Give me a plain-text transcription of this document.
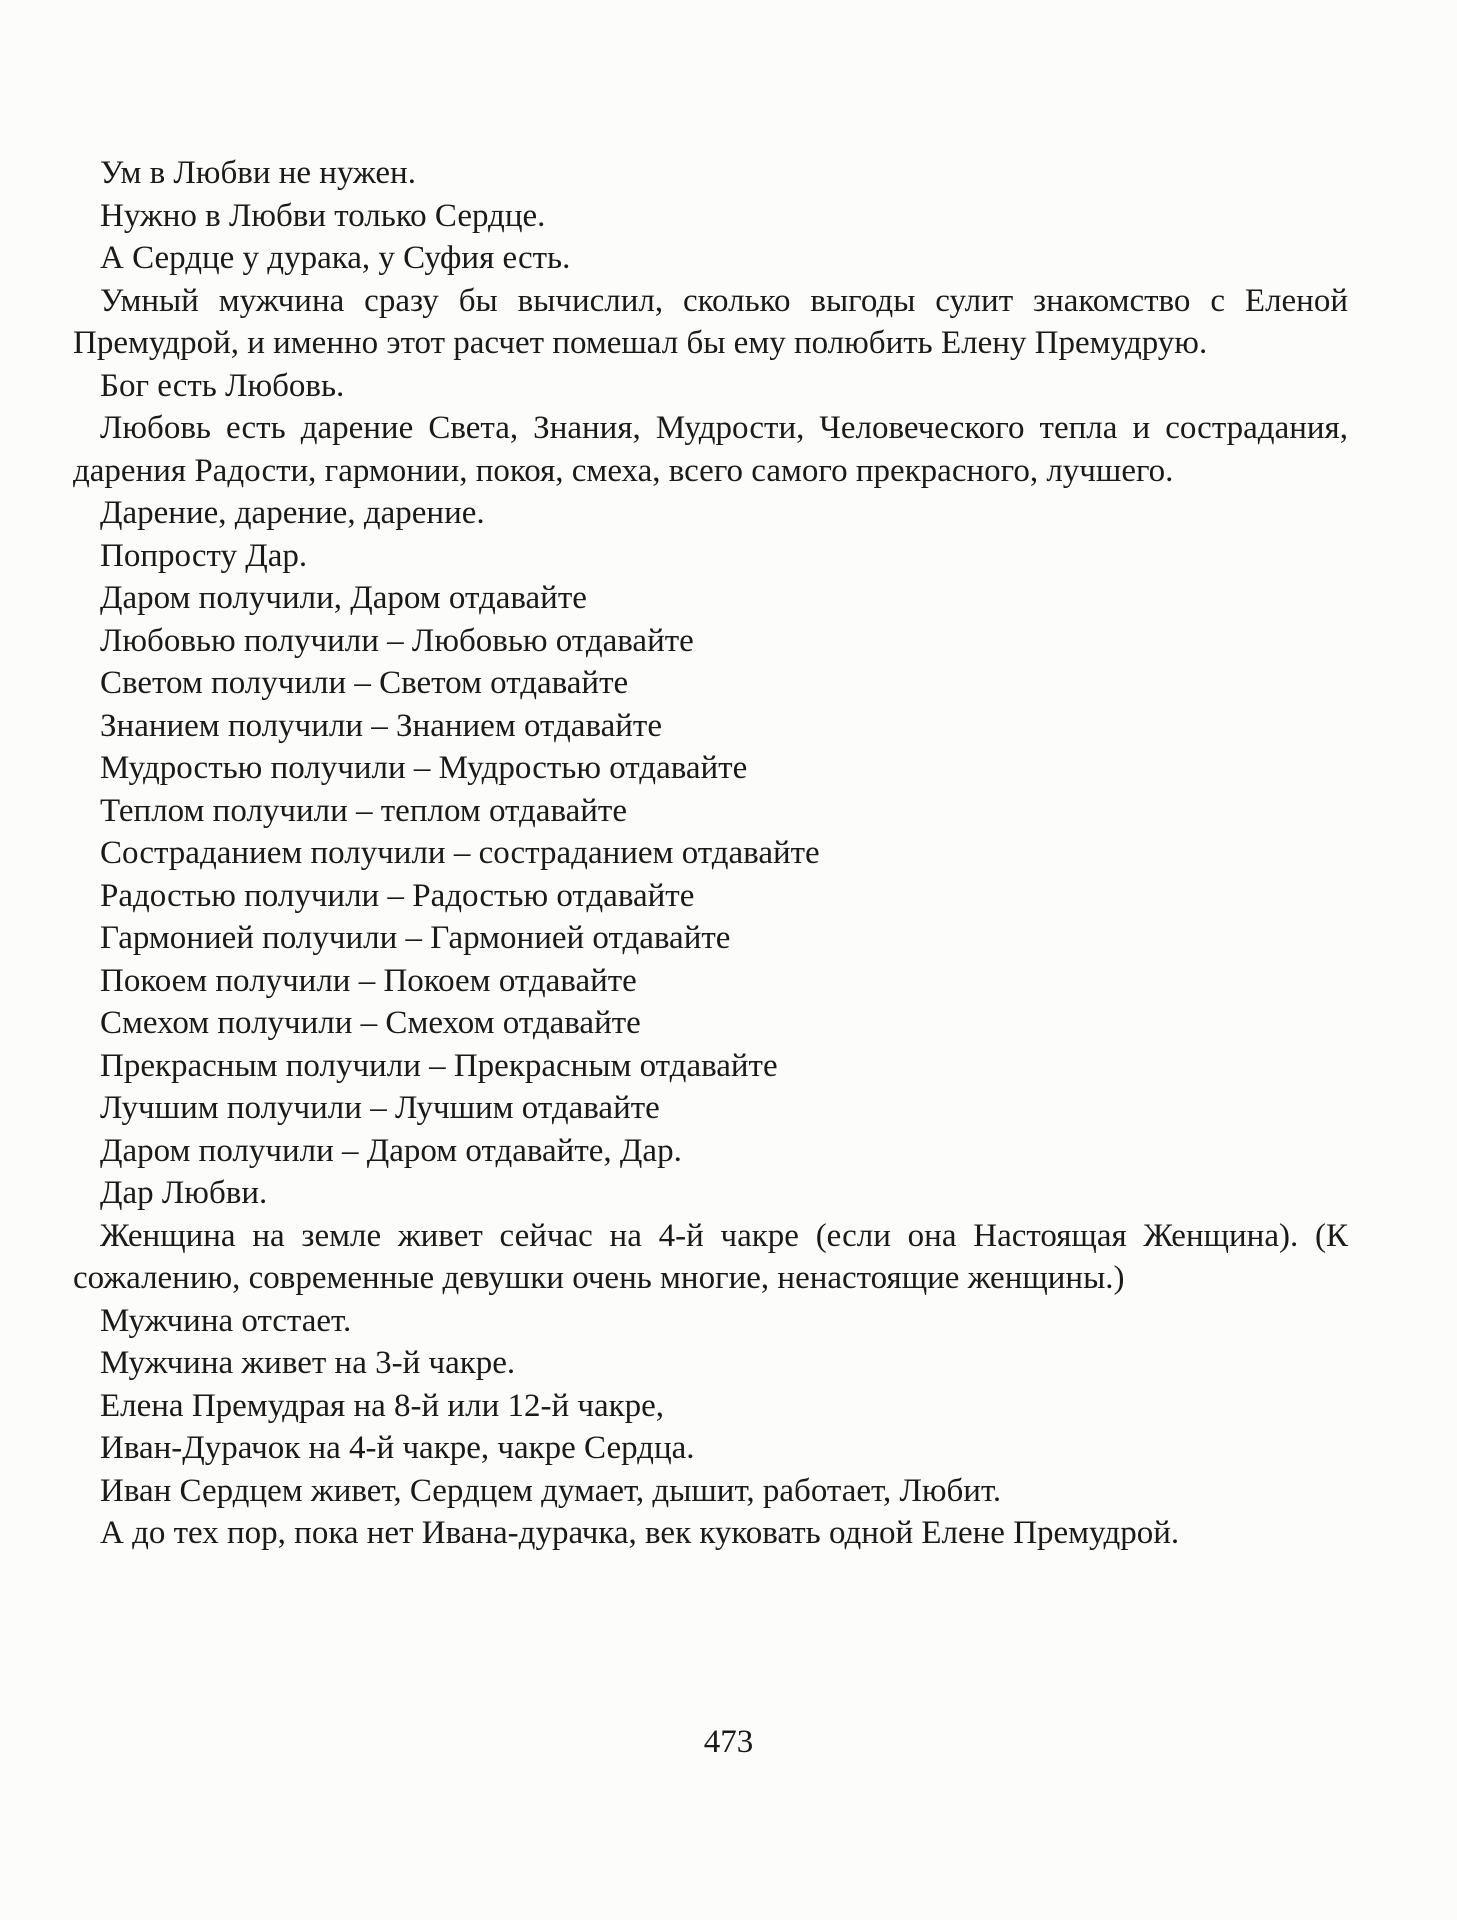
Ум в Любви не нужен.

Нужно в Любви только Сердце.

А Сердце у дурака, у Суфия есть.

Умный мужчина сразу бы вычислил, сколько выгоды сулит знакомство с Еленой Премудрой, и именно этот расчет помешал бы ему полюбить Елену Премудрую.

Бог есть Любовь.

Любовь есть дарение Света, Знания, Мудрости, Человеческого тепла и сострадания, дарения Радости, гармонии, покоя, смеха, всего самого прекрасного, лучшего.

Дарение, дарение, дарение.

Попросту Дар.

Даром получили, Даром отдавайте

Любовью получили – Любовью отдавайте

Светом получили – Светом отдавайте

Знанием получили – Знанием отдавайте

Мудростью получили – Мудростью отдавайте

Теплом получили – теплом отдавайте

Состраданием получили – состраданием отдавайте

Радостью получили – Радостью отдавайте

Гармонией получили – Гармонией отдавайте

Покоем получили – Покоем отдавайте

Смехом получили – Смехом отдавайте

Прекрасным получили – Прекрасным отдавайте

Лучшим получили – Лучшим отдавайте

Даром получили – Даром отдавайте, Дар.

Дар Любви.

Женщина на земле живет сейчас на 4-й чакре (если она Настоящая Женщина). (К сожалению, современные девушки очень многие, ненастоящие женщины.)

Мужчина отстает.

Мужчина живет на 3-й чакре.

Елена Премудрая на 8-й или 12-й чакре,

Иван-Дурачок на 4-й чакре, чакре Сердца.

Иван Сердцем живет, Сердцем думает, дышит, работает, Любит.

А до тех пор, пока нет Ивана-дурачка, век куковать одной Елене Премудрой.

473
